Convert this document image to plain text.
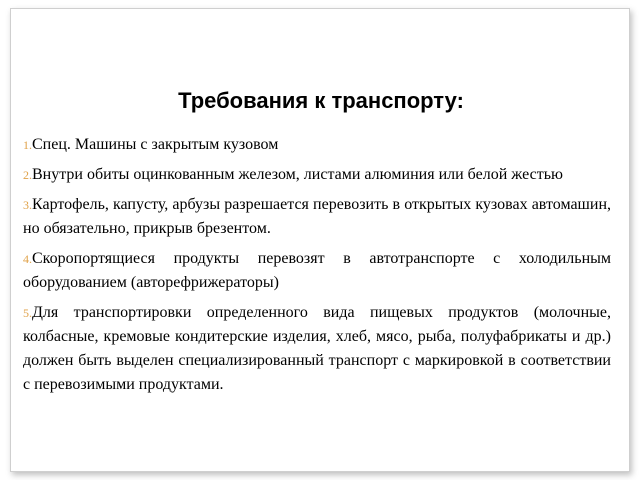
Требования к транспорту:
1.Спец. Машины с закрытым кузовом
2.Внутри обиты оцинкованным железом, листами алюминия или белой жестью
3.Картофель, капусту, арбузы разрешается перевозить в открытых кузовах автомашин, но обязательно, прикрыв брезентом.
4.Скоропортящиеся продукты перевозят в автотранспорте с холодильным оборудованием (авторефрижераторы)
5.Для транспортировки определенного вида пищевых продуктов (молочные, колбасные, кремовые кондитерские изделия, хлеб, мясо, рыба, полуфабрикаты и др.) должен быть выделен специализированный транспорт с маркировкой в соответствии с перевозимыми продуктами.
